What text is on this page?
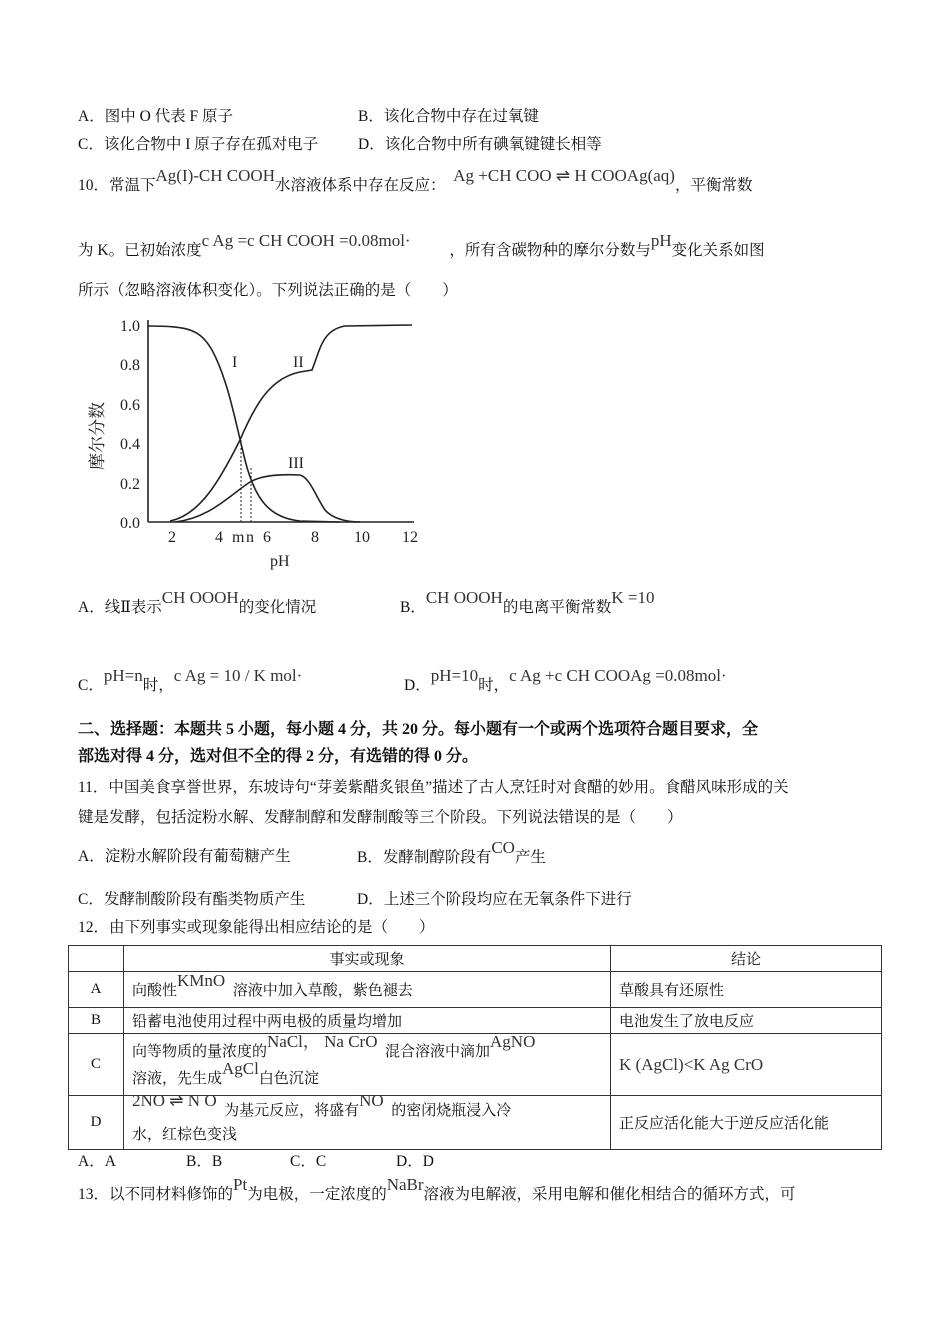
A．图中 O 代表 F 原子	B．该化合物中存在过氧键
C．该化合物中 I 原子存在孤对电子	D．该化合物中所有碘氧键键长相等
10．常温下Ag(I)-CH COOH水溶液体系中存在反应：  Ag +CH COO ⇌ H COOAg(aq)，平衡常数
为 K。已初始浓度c Ag =c CH COOH =0.08mol·          ，所有含碳物种的摩尔分数与pH变化关系如图
所示（忽略溶液体积变化）。下列说法正确的是（　　）
1.0
0.8
0.6
0.4
0.2
0.0
2 4	6	8 10 12
m n
pH
摩尔分数
I	II
III
A．线Ⅱ表示CH OOOH的变化情况	B．CH OOOH的电离平衡常数K =10
C．pH=n时，c Ag = 10 / K mol·
D．pH=10时，c Ag +c CH COOAg =0.08mol·
二、选择题：本题共 5 小题，每小题 4 分，共 20 分。每小题有一个或两个选项符合题目要求，全
部选对得 4 分，选对但不全的得 2 分，有选错的得 0 分。
11．中国美食享誉世界，东坡诗句“芽姜紫醋炙银鱼”描述了古人烹饪时对食醋的妙用。食醋风味形成的关
键是发酵，包括淀粉水解、发酵制醇和发酵制酸等三个阶段。下列说法错误的是（　　）
A．淀粉水解阶段有葡萄糖产生	B．发酵制醇阶段有CO产生
C．发酵制酸阶段有酯类物质产生	D．上述三个阶段均应在无氧条件下进行
12．由下列事实或现象能得出相应结论的是（　　）
	事实或现象	结论
A	向酸性KMnO  溶液中加入草酸，紫色褪去	草酸具有还原性
B	铅蓄电池使用过程中两电极的质量均增加	电池发生了放电反应
C	向等物质的量浓度的NaCl， Na CrO  混合溶液中滴加AgNO
溶液，先生成AgCl白色沉淀	K (AgCl)<K Ag CrO
D	2NO ⇌ N O  为基元反应，将盛有NO  的密闭烧瓶浸入冷
水，红棕色变浅	正反应活化能大于逆反应活化能
A．A	B．B	C．C	D．D
13．以不同材料修饰的Pt为电极，一定浓度的NaBr溶液为电解液，采用电解和催化相结合的循环方式，可
